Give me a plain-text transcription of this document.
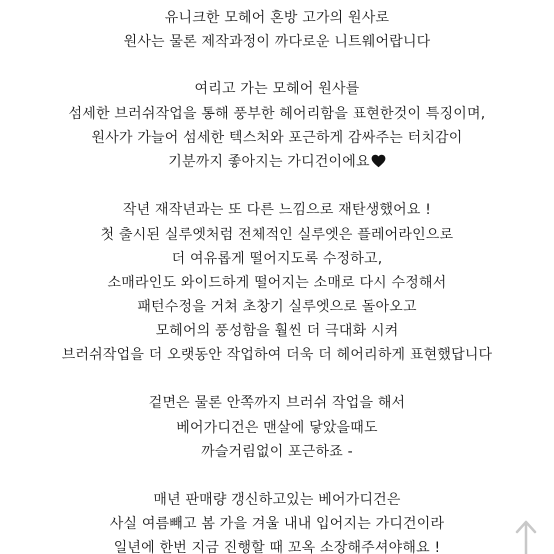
유니크한 모헤어 혼방 고가의 원사로
원사는 물론 제작과정이 까다로운 니트웨어랍니다
여리고 가는 모헤어 원사를
섬세한 브러쉬작업을 통해 풍부한 헤어리함을 표현한것이 특징이며,
원사가 가늘어 섬세한 텍스처와 포근하게 감싸주는 터치감이
기분까지 좋아지는 가디건이에요
작년 재작년과는 또 다른 느낌으로 재탄생했어요 !
첫 출시된 실루엣처럼 전체적인 실루엣은 플레어라인으로
더 여유롭게 떨어지도록 수정하고,
소매라인도 와이드하게 떨어지는 소매로 다시 수정해서
패턴수정을 거쳐 초창기 실루엣으로 돌아오고
모헤어의 풍성함을 훨씬 더 극대화 시켜
브러쉬작업을 더 오랫동안 작업하여 더욱 더 헤어리하게 표현했답니다
겉면은 물론 안쪽까지 브러쉬 작업을 해서
베어가디건은 맨살에 닿았을때도
까슬거림없이 포근하죠 -
매년 판매량 갱신하고있는 베어가디건은
사실 여름빼고 봄 가을 겨울 내내 입어지는 가디건이라
일년에 한번 지금 진행할 때 꼬옥 소장해주셔야해요 !
